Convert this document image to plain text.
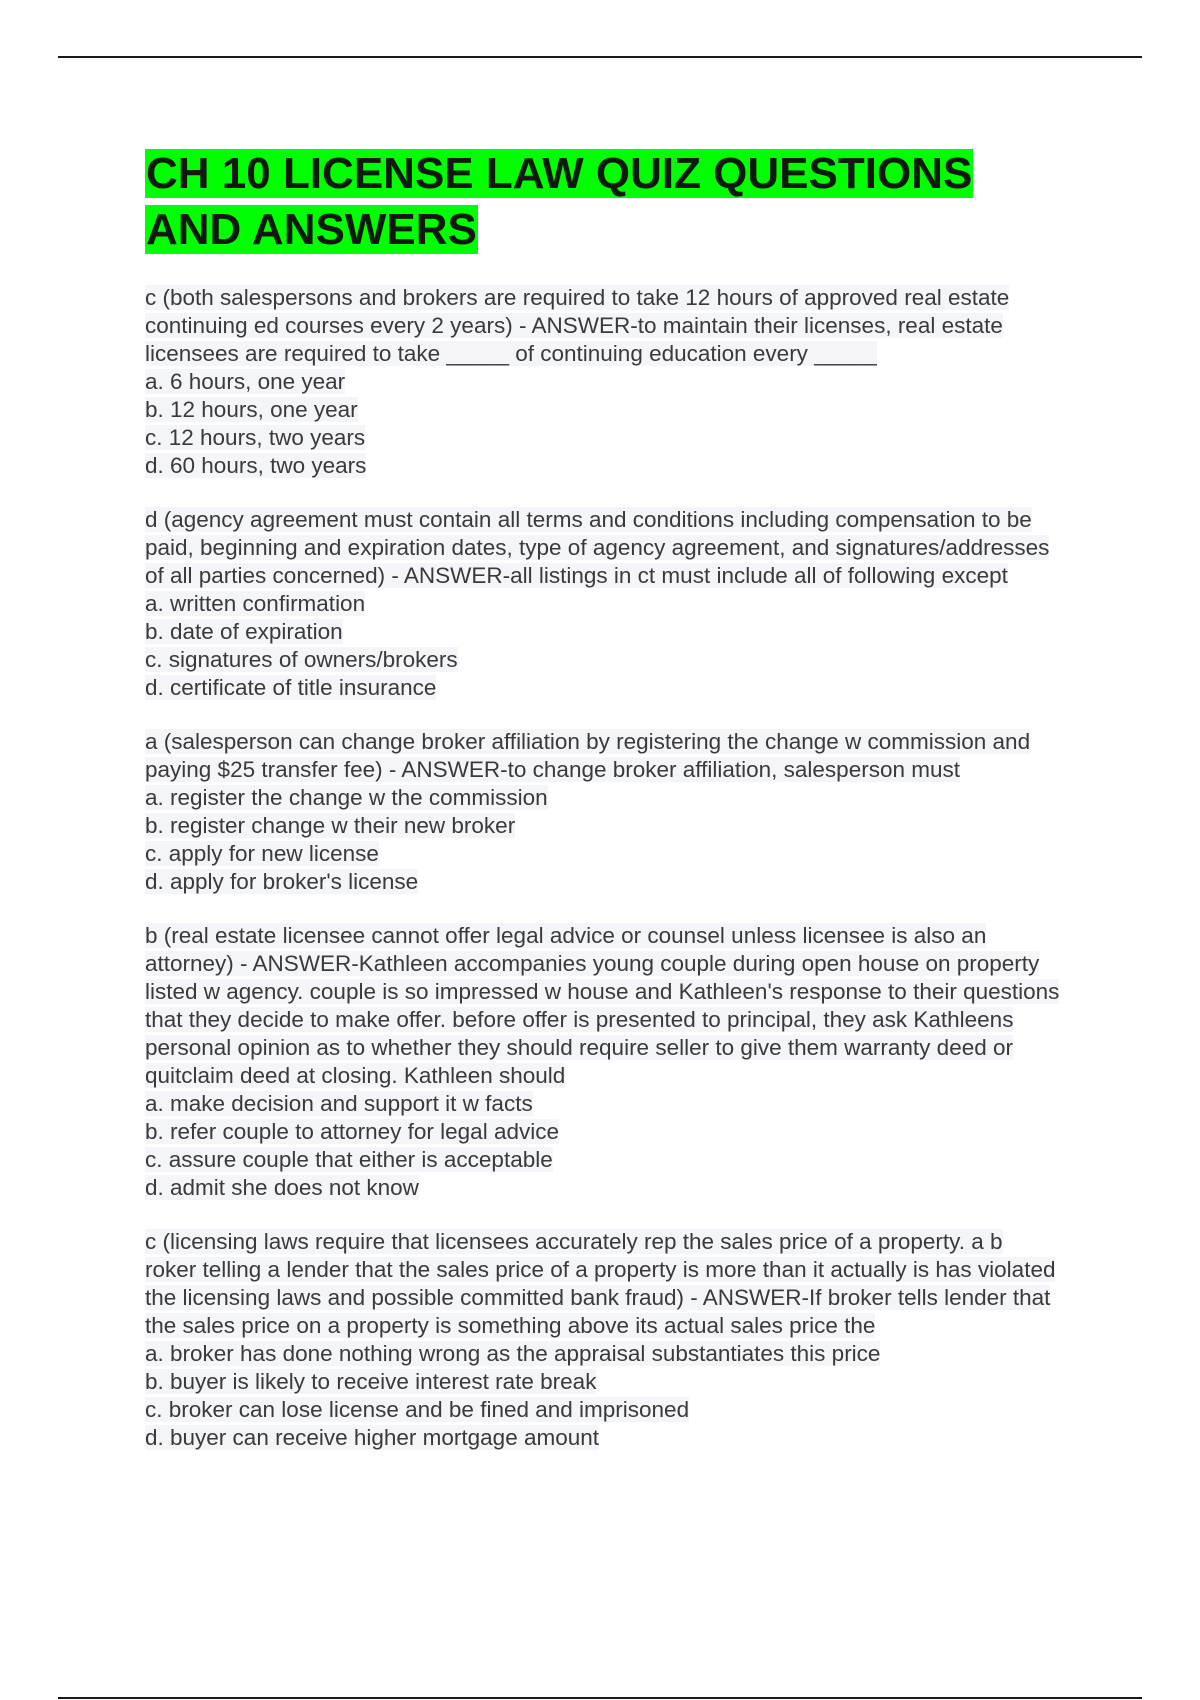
CH 10 LICENSE LAW QUIZ QUESTIONS AND ANSWERS

c (both salespersons and brokers are required to take 12 hours of approved real estate continuing ed courses every 2 years) - ANSWER-to maintain their licenses, real estate licensees are required to take _____ of continuing education every _____

a. 6 hours, one year

b. 12 hours, one year

c. 12 hours, two years

d. 60 hours, two years

d (agency agreement must contain all terms and conditions including compensation to be paid, beginning and expiration dates, type of agency agreement, and signatures/addresses of all parties concerned) - ANSWER-all listings in ct must include all of following except

a. written confirmation

b. date of expiration

c. signatures of owners/brokers

d. certificate of title insurance

a (salesperson can change broker affiliation by registering the change w commission and paying $25 transfer fee) - ANSWER-to change broker affiliation, salesperson must

a. register the change w the commission

b. register change w their new broker

c. apply for new license

d. apply for broker's license

b (real estate licensee cannot offer legal advice or counsel unless licensee is also an attorney) - ANSWER-Kathleen accompanies young couple during open house on property listed w agency. couple is so impressed w house and Kathleen's response to their questions that they decide to make offer. before offer is presented to principal, they ask Kathleens personal opinion as to whether they should require seller to give them warranty deed or quitclaim deed at closing. Kathleen should

a. make decision and support it w facts

b. refer couple to attorney for legal advice

c. assure couple that either is acceptable

d. admit she does not know

c (licensing laws require that licensees accurately rep the sales price of a property. a b roker telling a lender that the sales price of a property is more than it actually is has violated the licensing laws and possible committed bank fraud) - ANSWER-If broker tells lender that the sales price on a property is something above its actual sales price the

a. broker has done nothing wrong as the appraisal substantiates this price

b. buyer is likely to receive interest rate break

c. broker can lose license and be fined and imprisoned

d. buyer can receive higher mortgage amount
